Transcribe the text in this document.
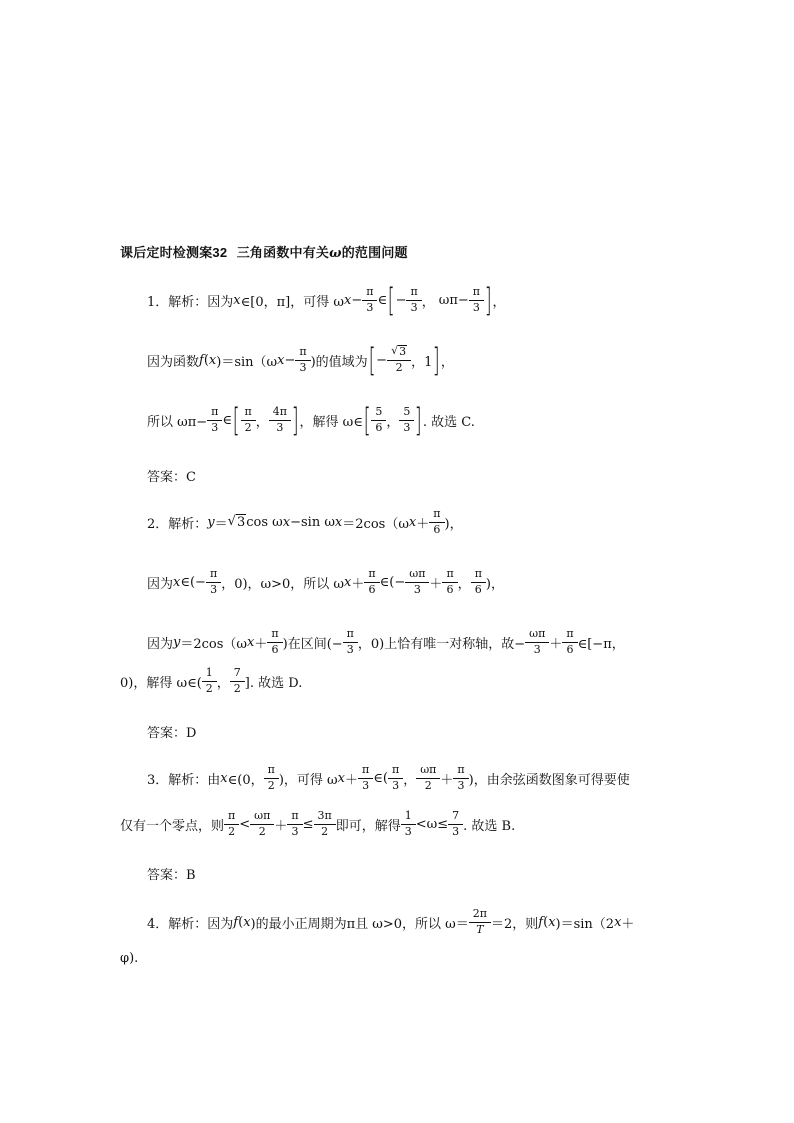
课后定时检测案32 三角函数中有关ω的范围问题
1．解析： 因为 x ∈[0，π]，可得 ω $x - \frac{\pi}{3}$ ∈ [ − $\frac{\pi}{3}$ ， $\omega\pi- \frac{\pi}{3}$ ] ，
因为函数 f ( x )＝sin（ω $x - \frac{\pi}{3}$ )的值域为 [ − $\frac{√ 3}{2}$ ，1 ] ，
所以 $\omega\pi- \frac{\pi}{3}$ ∈ [ $\frac{\pi}{2}$ ， $\frac{4\pi}{3}$ ] ，解得 ω∈ [ $\frac{5}{6}$ ， $\frac{5}{3}$ ] . 故选 C.
答案：C
2．解析： y ＝ √ 3 cos ω x −sin ω x ＝2cos（ω $x + \frac{\pi}{6}$ )，
因为 x ∈(− $\frac{\pi}{3}$ ，0)，ω>0，所以 ω $x + \frac{\pi}{6}$ ∈(− $\frac{\omega\pi}{3} + \frac{\pi}{6}$ ， $\frac{\pi}{6}$ )，
因为 y ＝2cos（ω $x + \frac{\pi}{6}$ )在区间(− $\frac{\pi}{3}$ ，0)上恰有唯一对称轴，故− $\frac{\omega\pi}{3} + \frac{\pi}{6}$ ∈[−π，
0)，解得 ω∈( $\frac{1}{2}$ ， $\frac{7}{2}$ ]. 故选 D.
答案：D
3．解析： 由 x ∈(0， $\frac{\pi}{2}$ )，可得 ω $x + \frac{\pi}{3}$ ∈( $\frac{\pi}{3}$ ， $\frac{\omega\pi}{2} + \frac{\pi}{3}$ )，由余弦函数图象可得要使
仅有一个零点，则 $\frac{\pi}{2} < \frac{\omega\pi}{2} + \frac{\pi}{3} \le \frac{3\pi}{2}$ 即可，解得 $\frac{1}{3} <\omega\le \frac{7}{3}$ . 故选 B.
答案：B
4．解析： 因为 f ( x )的最小正周期为π且 ω>0，所以 $\omega= \frac{2\pi}{T} =2$，则 f ( x )＝sin（2 x ＋
φ).
